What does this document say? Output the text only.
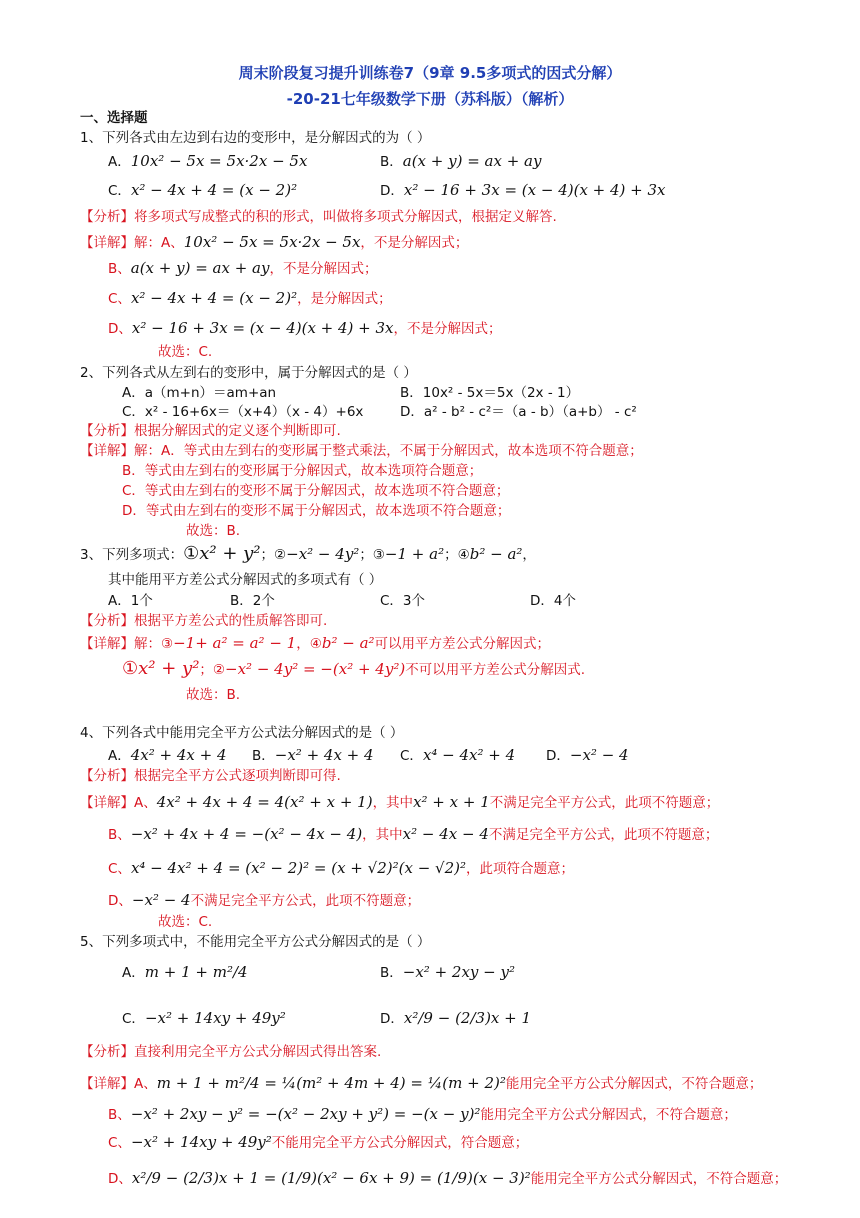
周末阶段复习提升训练卷7（9章 9.5多项式的因式分解）
-20-21七年级数学下册（苏科版）（解析）
一、选择题
1、下列各式由左边到右边的变形中，是分解因式的为（ ）
A．10x² − 5x = 5x·2x − 5x	B．a(x + y) = ax + ay
C．x² − 4x + 4 = (x − 2)²	D．x² − 16 + 3x = (x − 4)(x + 4) + 3x
【分析】将多项式写成整式的积的形式，叫做将多项式分解因式，根据定义解答.
【详解】解：A、10x² − 5x = 5x·2x − 5x，不是分解因式；
B、a(x + y) = ax + ay，不是分解因式；
C、x² − 4x + 4 = (x − 2)²，是分解因式；
D、x² − 16 + 3x = (x − 4)(x + 4) + 3x，不是分解因式；
故选：C.
2、下列各式从左到右的变形中，属于分解因式的是（ ）
A．a（m+n）＝am+an	B．10x² ‐ 5x＝5x（2x ‐ 1）
C．x² ‐ 16+6x＝（x+4）（x ‐ 4）+6x	D．a² ‐ b² ‐ c²＝（a ‐ b）（a+b） ‐ c²
【分析】根据分解因式的定义逐个判断即可.
【详解】解：A．等式由左到右的变形属于整式乘法，不属于分解因式，故本选项不符合题意；
B．等式由左到右的变形属于分解因式，故本选项符合题意；
C．等式由左到右的变形不属于分解因式，故本选项不符合题意；
D．等式由左到右的变形不属于分解因式，故本选项不符合题意；
故选：B.
3、下列多项式：①x² + y²；②−x² − 4y²；③−1 + a²；④b² − a²，
其中能用平方差公式分解因式的多项式有（ ）
A．1个	B．2个	C．3个	D．4个
【分析】根据平方差公式的性质解答即可.
【详解】解：③−1+ a² = a² − 1，④b² − a²可以用平方差公式分解因式；
①x² + y²；②−x² − 4y² = −(x² + 4y²)不可以用平方差公式分解因式.
故选：B.
4、下列各式中能用完全平方公式法分解因式的是（ ）
A．4x² + 4x + 4 B．−x² + 4x + 4 C．x⁴ − 4x² + 4 D．−x² − 4
【分析】根据完全平方公式逐项判断即可得.
【详解】A、4x² + 4x + 4 = 4(x² + x + 1)，其中x² + x + 1不满足完全平方公式，此项不符题意；
B、−x² + 4x + 4 = −(x² − 4x − 4)，其中x² − 4x − 4不满足完全平方公式，此项不符题意；
C、x⁴ − 4x² + 4 = (x² − 2)² = (x + √2)²(x − √2)²，此项符合题意；
D、−x² − 4不满足完全平方公式，此项不符题意；
故选：C.
5、下列多项式中，不能用完全平方公式分解因式的是（ ）
A．m + 1 + m²/4	B．−x² + 2xy − y²
C．−x² + 14xy + 49y²	D．x²/9 − (2/3)x + 1
【分析】直接利用完全平方公式分解因式得出答案.
【详解】A、m + 1 + m²/4 = ¼(m² + 4m + 4) = ¼(m + 2)²能用完全平方公式分解因式，不符合题意；
B、−x² + 2xy − y² = −(x² − 2xy + y²) = −(x − y)²能用完全平方公式分解因式，不符合题意；
C、−x² + 14xy + 49y²不能用完全平方公式分解因式，符合题意；
D、x²/9 − (2/3)x + 1 = (1/9)(x² − 6x + 9) = (1/9)(x − 3)²能用完全平方公式分解因式，不符合题意；
